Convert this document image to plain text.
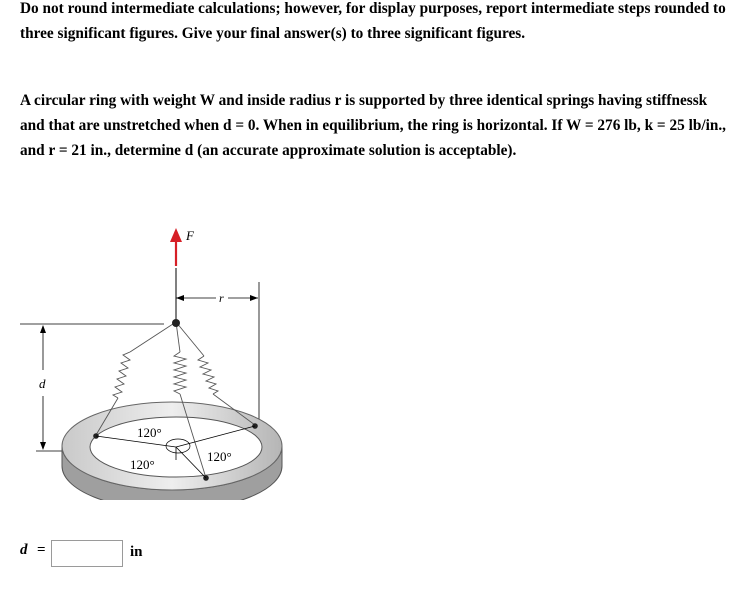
Do not round intermediate calculations; however, for display purposes, report intermediate steps rounded to three significant figures. Give your final answer(s) to three significant figures.
A circular ring with weight W and inside radius r is supported by three identical springs having stiffnessk and that are unstretched when d = 0. When in equilibrium, the ring is horizontal. If W = 276 lb, k = 25 lb/in., and r = 21 in., determine d (an accurate approximate solution is acceptable).
F
r
d
120°
120°
120°
d =	in
